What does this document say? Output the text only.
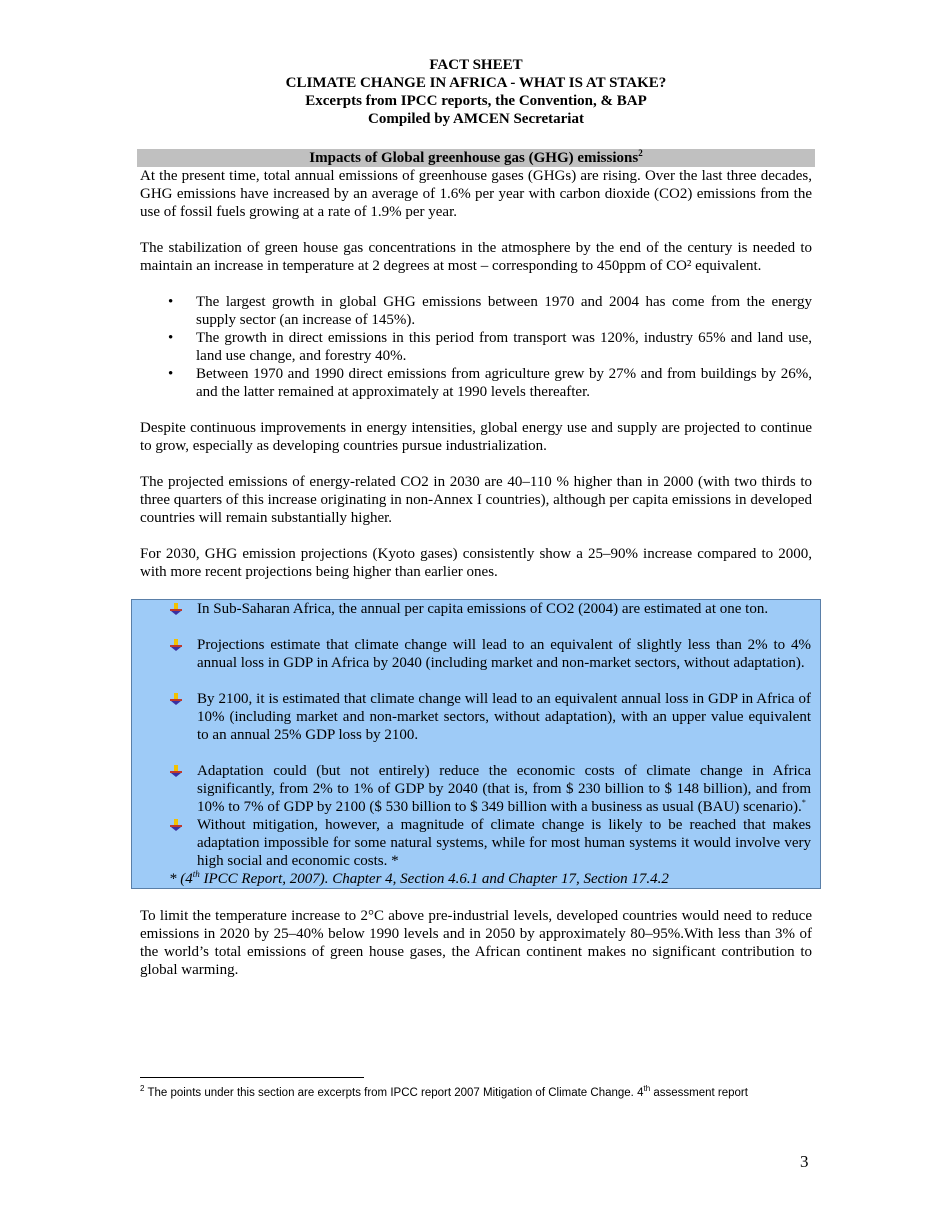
FACT SHEET
CLIMATE CHANGE IN AFRICA - WHAT IS AT STAKE?
Excerpts from IPCC reports, the Convention, & BAP
Compiled by AMCEN Secretariat
Impacts of Global greenhouse gas (GHG) emissions$^2$

At the present time, total annual emissions of greenhouse gases (GHGs) are rising. Over the last three decades, GHG emissions have increased by an average of 1.6% per year with carbon dioxide (CO2) emissions from the use of fossil fuels growing at a rate of 1.9% per year.

The stabilization of green house gas concentrations in the atmosphere by the end of the century is needed to maintain an increase in temperature at 2 degrees at most – corresponding to 450ppm of CO² equivalent.

• The largest growth in global GHG emissions between 1970 and 2004 has come from the energy supply sector (an increase of 145%).
• The growth in direct emissions in this period from transport was 120%, industry 65% and land use, land use change, and forestry 40%.
• Between 1970 and 1990 direct emissions from agriculture grew by 27% and from buildings by 26%, and the latter remained at approximately at 1990 levels thereafter.

Despite continuous improvements in energy intensities, global energy use and supply are projected to continue to grow, especially as developing countries pursue industrialization.

The projected emissions of energy-related CO2 in 2030 are 40–110 % higher than in 2000 (with two thirds to three quarters of this increase originating in non-Annex I countries), although per capita emissions in developed countries will remain substantially higher.

For 2030, GHG emission projections (Kyoto gases) consistently show a 25–90% increase compared to 2000, with more recent projections being higher than earlier ones.

In Sub-Saharan Africa, the annual per capita emissions of CO2 (2004) are estimated at one ton.
Projections estimate that climate change will lead to an equivalent of slightly less than 2% to 4% annual loss in GDP in Africa by 2040 (including market and non-market sectors, without adaptation).
By 2100, it is estimated that climate change will lead to an equivalent annual loss in GDP in Africa of 10% (including market and non-market sectors, without adaptation), with an upper value equivalent to an annual 25% GDP loss by 2100.
Adaptation could (but not entirely) reduce the economic costs of climate change in Africa significantly, from 2% to 1% of GDP by 2040 (that is, from $ 230 billion to $ 148 billion), and from 10% to 7% of GDP by 2100 ($ 530 billion to $ 349 billion with a business as usual (BAU) scenario).*
Without mitigation, however, a magnitude of climate change is likely to be reached that makes adaptation impossible for some natural systems, while for most human systems it would involve very high social and economic costs. *
* (4th IPCC Report, 2007). Chapter 4, Section 4.6.1 and Chapter 17, Section 17.4.2

To limit the temperature increase to 2°C above pre-industrial levels, developed countries would need to reduce emissions in 2020 by 25–40% below 1990 levels and in 2050 by approximately 80–95%.With less than 3% of the world’s total emissions of green house gases, the African continent makes no significant contribution to global warming.

$^2$ The points under this section are excerpts from IPCC report 2007 Mitigation of Climate Change. 4th assessment report
3
